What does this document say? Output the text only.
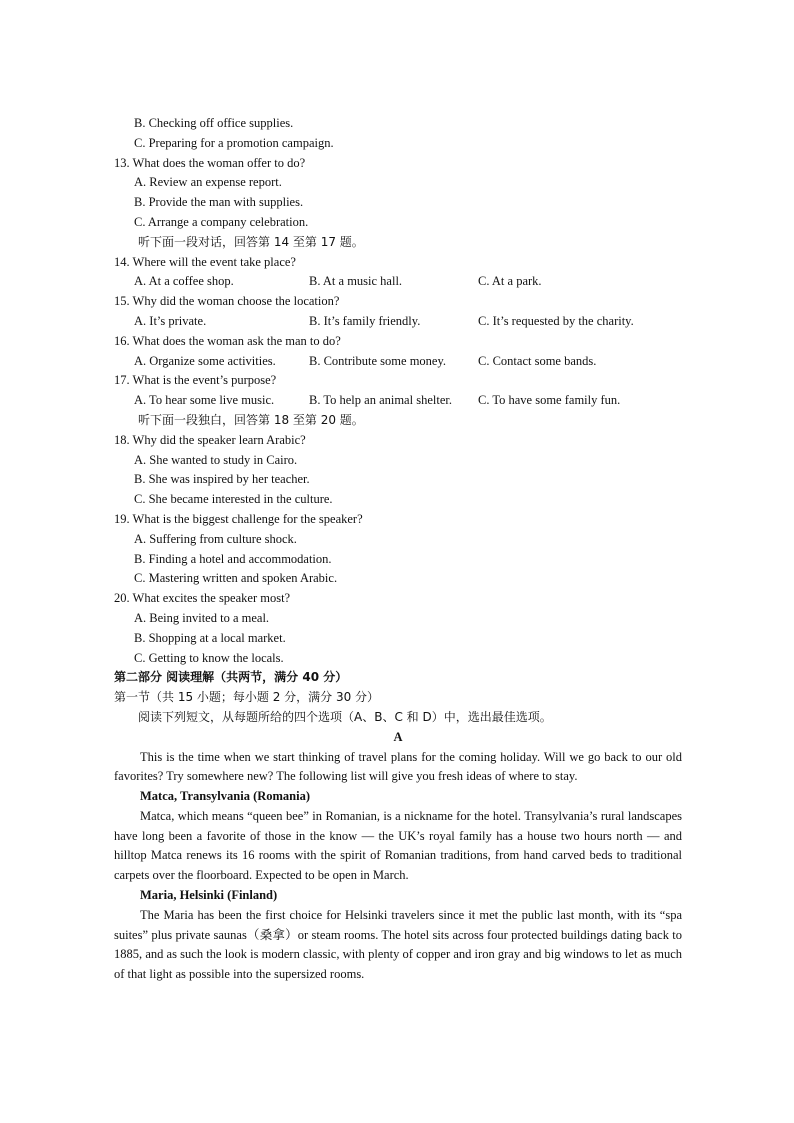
B. Checking off office supplies.
C. Preparing for a promotion campaign.
13. What does the woman offer to do?
A. Review an expense report.
B. Provide the man with supplies.
C. Arrange a company celebration.
听下面一段对话，回答第 14 至第 17 题。
14. Where will the event take place?
A. At a coffee shop.	B. At a music hall.	C. At a park.
15. Why did the woman choose the location?
A. It’s private.	B. It’s family friendly.	C. It’s requested by the charity.
16. What does the woman ask the man to do?
A. Organize some activities.	B. Contribute some money.	C. Contact some bands.
17. What is the event’s purpose?
A. To hear some live music.	B. To help an animal shelter.	C. To have some family fun.
听下面一段独白，回答第 18 至第 20 题。
18. Why did the speaker learn Arabic?
A. She wanted to study in Cairo.
B. She was inspired by her teacher.
C. She became interested in the culture.
19. What is the biggest challenge for the speaker?
A. Suffering from culture shock.
B. Finding a hotel and accommodation.
C. Mastering written and spoken Arabic.
20. What excites the speaker most?
A. Being invited to a meal.
B. Shopping at a local market.
C. Getting to know the locals.
第二部分 阅读理解（共两节，满分 40 分）
第一节（共 15 小题；每小题 2 分，满分 30 分）
阅读下列短文，从每题所给的四个选项（A、B、C 和 D）中，选出最佳选项。
A

This is the time when we start thinking of travel plans for the coming holiday. Will we go back to our old favorites? Try somewhere new? The following list will give you fresh ideas of where to stay.

Matca, Transylvania (Romania)

Matca, which means “queen bee” in Romanian, is a nickname for the hotel. Transylvania’s rural landscapes have long been a favorite of those in the know — the UK’s royal family has a house two hours north — and hilltop Matca renews its 16 rooms with the spirit of Romanian traditions, from hand carved beds to traditional carpets over the floorboard. Expected to be open in March.

Maria, Helsinki (Finland)

The Maria has been the first choice for Helsinki travelers since it met the public last month, with its “spa suites” plus private saunas（桑拿）or steam rooms. The hotel sits across four protected buildings dating back to 1885, and as such the look is modern classic, with plenty of copper and iron gray and big windows to let as much of that light as possible into the supersized rooms.
